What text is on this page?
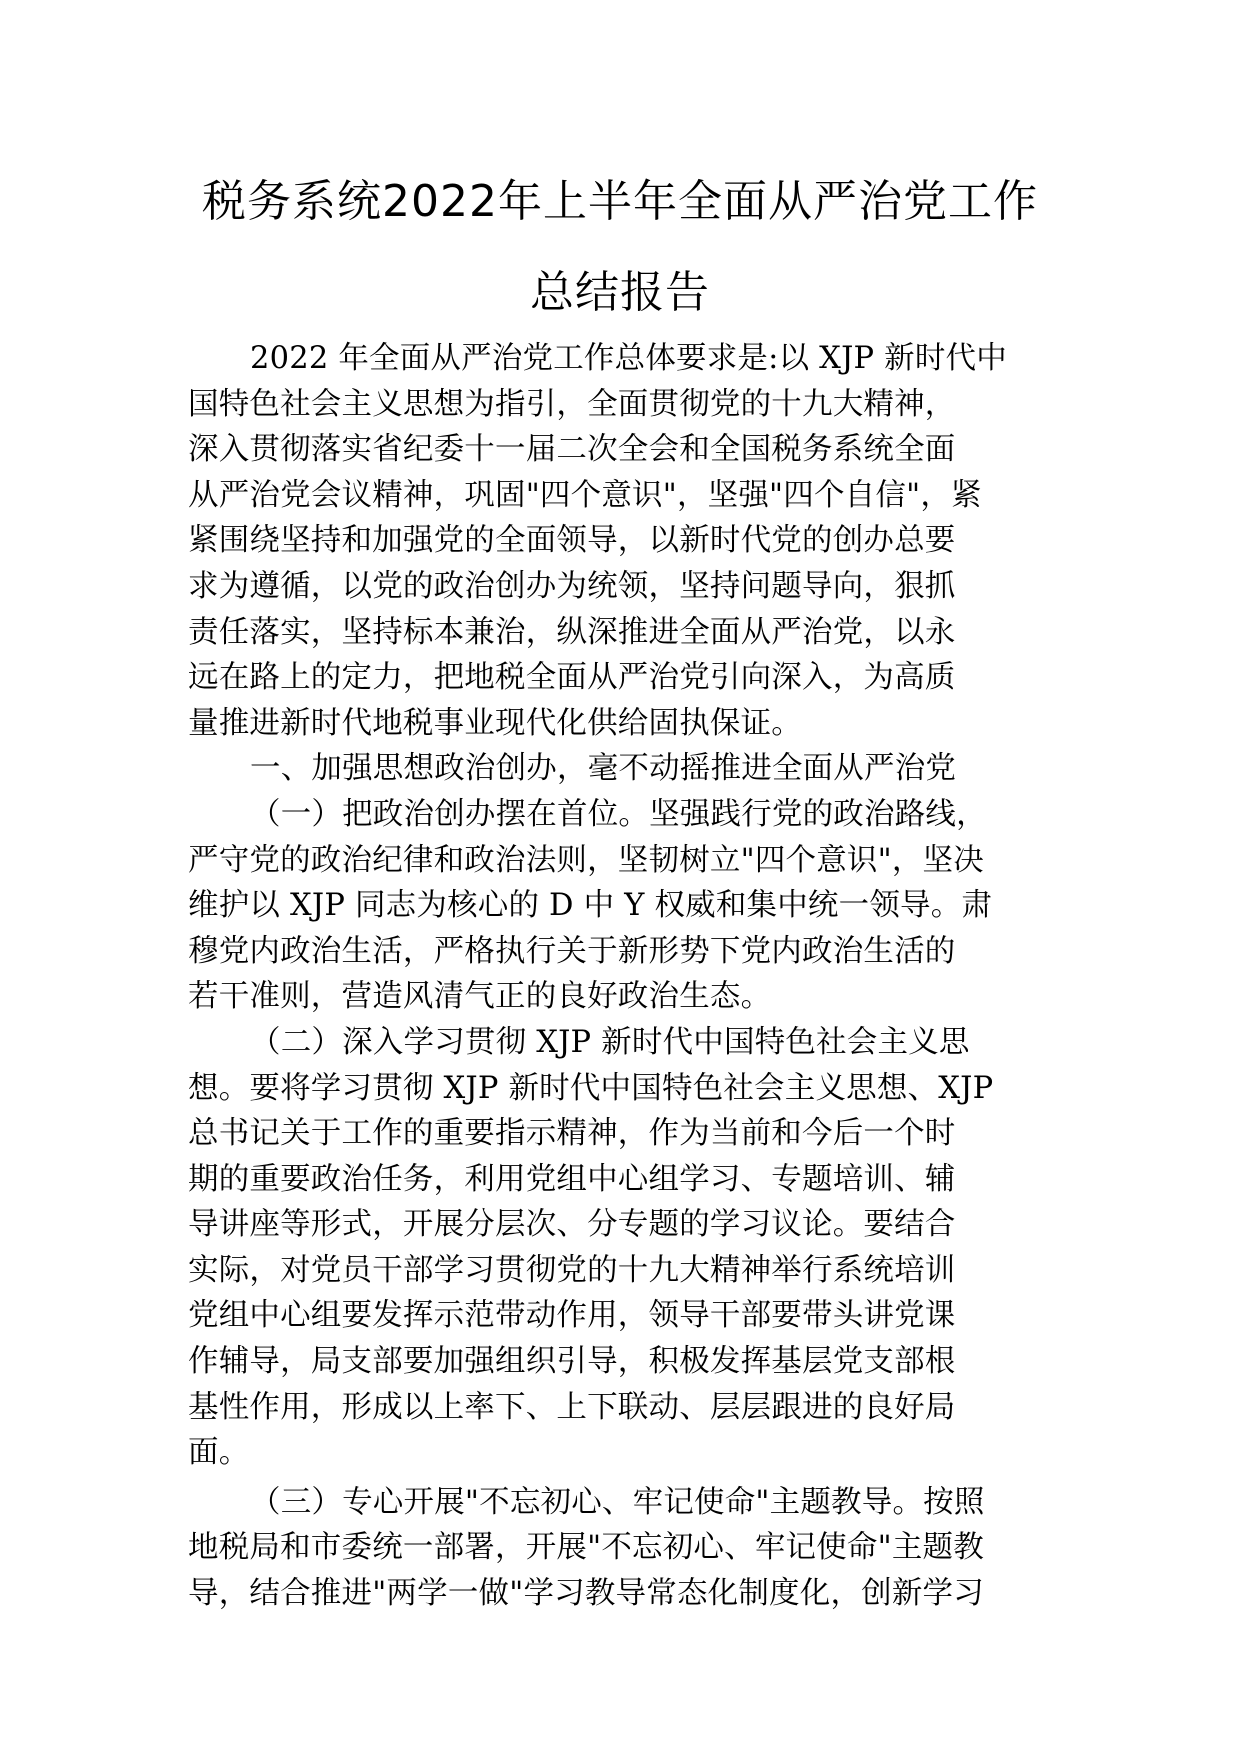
税务系统2022年上半年全面从严治党工作
总结报告
2022 年全面从严治党工作总体要求是:以 XJP 新时代中
国特色社会主义思想为指引，全面贯彻党的十九大精神，
深入贯彻落实省纪委十一届二次全会和全国税务系统全面
从严治党会议精神，巩固"四个意识"，坚强"四个自信"，紧
紧围绕坚持和加强党的全面领导，以新时代党的创办总要
求为遵循，以党的政治创办为统领，坚持问题导向，狠抓
责任落实，坚持标本兼治，纵深推进全面从严治党，以永
远在路上的定力，把地税全面从严治党引向深入，为高质
量推进新时代地税事业现代化供给固执保证。
一、加强思想政治创办，毫不动摇推进全面从严治党
（一）把政治创办摆在首位。坚强践行党的政治路线，
严守党的政治纪律和政治法则，坚韧树立"四个意识"，坚决
维护以 XJP 同志为核心的 D 中 Y 权威和集中统一领导。肃
穆党内政治生活，严格执行关于新形势下党内政治生活的
若干准则，营造风清气正的良好政治生态。
（二）深入学习贯彻 XJP 新时代中国特色社会主义思
想。要将学习贯彻 XJP 新时代中国特色社会主义思想、XJP
总书记关于工作的重要指示精神，作为当前和今后一个时
期的重要政治任务，利用党组中心组学习、专题培训、辅
导讲座等形式，开展分层次、分专题的学习议论。要结合
实际，对党员干部学习贯彻党的十九大精神举行系统培训
党组中心组要发挥示范带动作用，领导干部要带头讲党课
作辅导，局支部要加强组织引导，积极发挥基层党支部根
基性作用，形成以上率下、上下联动、层层跟进的良好局
面。
（三）专心开展"不忘初心、牢记使命"主题教导。按照
地税局和市委统一部署，开展"不忘初心、牢记使命"主题教
导，结合推进"两学一做"学习教导常态化制度化，创新学习
